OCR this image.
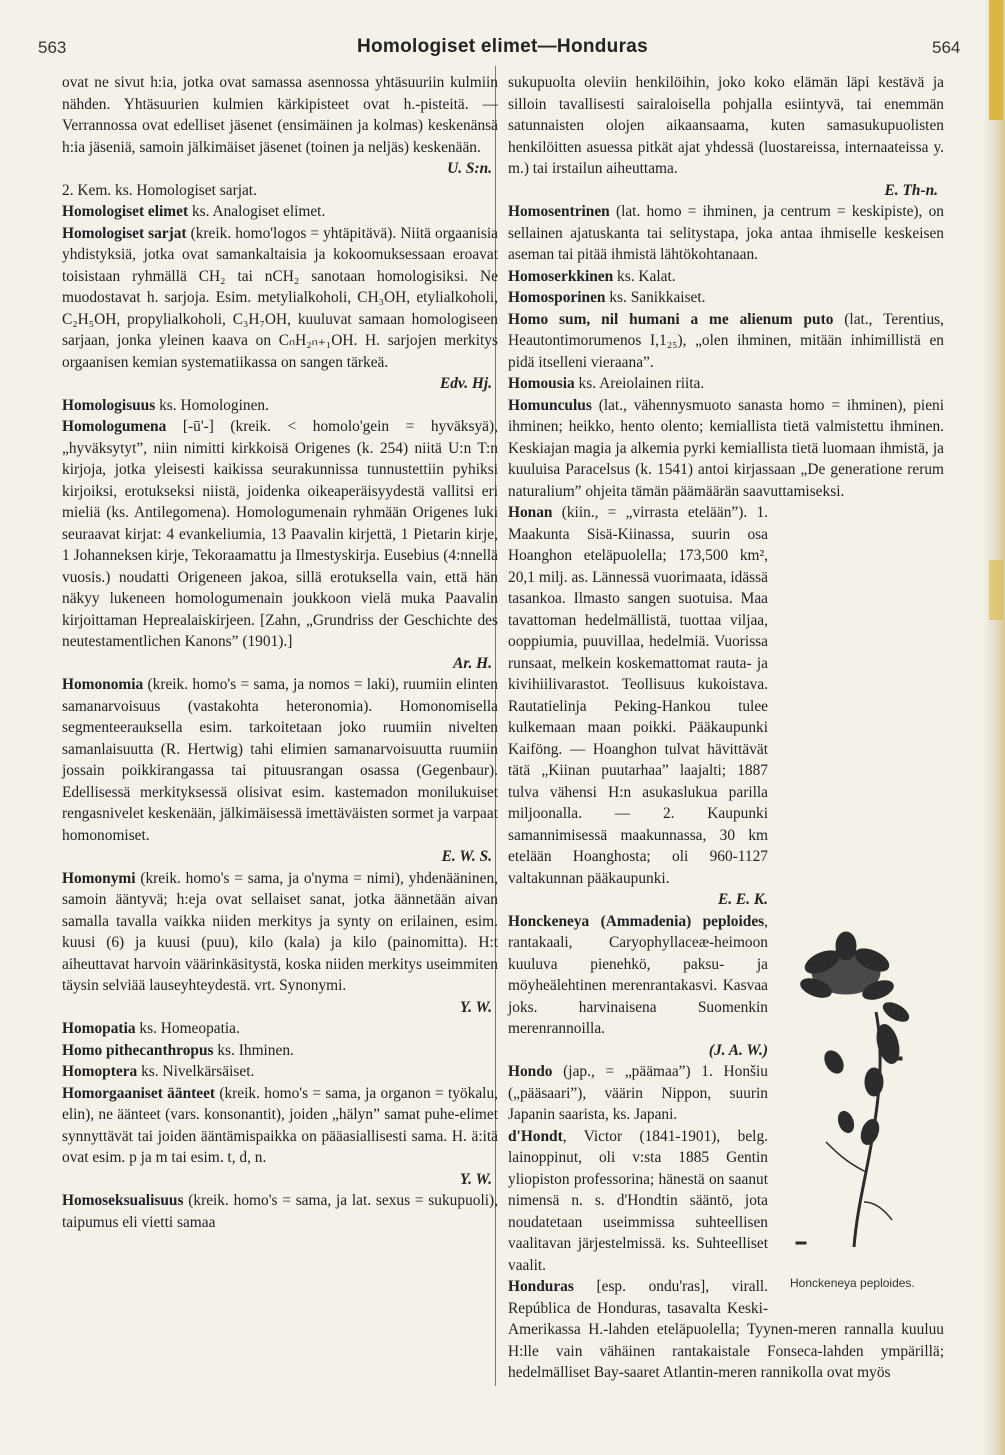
563	Homologiset elimet—Honduras	564

ovat ne sivut h:ia, jotka ovat samassa asennossa yhtäsuuriin kulmiin nähden. Yhtäsuurien kulmien kärkipisteet ovat h.-pisteitä. — Verrannossa ovat edelliset jäsenet (ensimäinen ja kolmas) keskenänsä h:ia jäseniä, samoin jälkimäiset jäsenet (toinen ja neljäs) keskenään.

U. S:n.

2. Kem. ks. Homologiset sarjat.

Homologiset elimet ks. Analogiset elimet.

Homologiset sarjat (kreik. homo'logos = yhtäpitävä). Niitä orgaanisia yhdistyksiä, jotka ovat samankaltaisia ja kokoomuksessaan eroavat toisistaan ryhmällä CH₂ tai nCH₂ sanotaan homologisiksi. Ne muodostavat h. sarjoja. Esim. metylialkoholi, CH₃OH, etylialkoholi, C₂H₅OH, propylialkoholi, C₃H₇OH, kuuluvat samaan homologiseen sarjaan, jonka yleinen kaava on CₙH₂ₙ₊₁OH. H. sarjojen merkitys orgaanisen kemian systematiikassa on sangen tärkeä.

Edv. Hj.

Homologisuus ks. Homologinen.

Homologumena [-ū'-] (kreik. < homolo'gein = hyväksyä), „hyväksytyt”, niin nimitti kirkkoisä Origenes (k. 254) niitä U:n T:n kirjoja, jotka yleisesti kaikissa seurakunnissa tunnustettiin pyhiksi kirjoiksi, erotukseksi niistä, joidenka oikeaperäisyydestä vallitsi eri mieliä (ks. Antilegomena). Homologumenain ryhmään Origenes luki seuraavat kirjat: 4 evankeliumia, 13 Paavalin kirjettä, 1 Pietarin kirje, 1 Johanneksen kirje, Tekoraamattu ja Ilmestyskirja. Eusebius (4:nnellä vuosis.) noudatti Origeneen jakoa, sillä erotuksella vain, että hän näkyy lukeneen homologumenain joukkoon vielä muka Paavalin kirjoittaman Heprealaiskirjeen. [Zahn, „Grundriss der Geschichte des neutestamentlichen Kanons” (1901).]

Ar. H.

Homonomia (kreik. homo's = sama, ja nomos = laki), ruumiin elinten samanarvoisuus (vastakohta heteronomia). Homonomisella segmenteerauksella esim. tarkoitetaan joko ruumiin nivelten samanlaisuutta (R. Hertwig) tahi elimien samanarvoisuutta ruumiin jossain poikkirangassa tai pituusrangan osassa (Gegenbaur). Edellisessä merkityksessä olisivat esim. kastemadon monilukuiset rengasnivelet keskenään, jälkimäisessä imettäväisten sormet ja varpaat homonomiset.

E. W. S.

Homonymi (kreik. homo's = sama, ja o'nyma = nimi), yhdenääninen, samoin ääntyvä; h:eja ovat sellaiset sanat, jotka äännetään aivan samalla tavalla vaikka niiden merkitys ja synty on erilainen, esim. kuusi (6) ja kuusi (puu), kilo (kala) ja kilo (painomitta). H:t aiheuttavat harvoin väärinkäsitystä, koska niiden merkitys useimmiten täysin selviää lauseyhteydestä. vrt. Synonymi.

Y. W.

Homopatia ks. Homeopatia.

Homo pithecanthropus ks. Ihminen.

Homoptera ks. Nivelkärsäiset.

Homorgaaniset äänteet (kreik. homo's = sama, ja organon = työkalu, elin), ne äänteet (vars. konsonantit), joiden „hälyn” samat puhe-elimet synnyttävät tai joiden ääntämispaikka on pääasiallisesti sama. H. ä:itä ovat esim. p ja m tai esim. t, d, n.

Y. W.

Homoseksualisuus (kreik. homo's = sama, ja lat. sexus = sukupuoli), taipumus eli vietti samaa

sukupuolta oleviin henkilöihin, joko koko elämän läpi kestävä ja silloin tavallisesti sairaloisella pohjalla esiintyvä, tai enemmän satunnaisten olojen aikaansaama, kuten samasukupuolisten henkilöitten asuessa pitkät ajat yhdessä (luostareissa, internaateissa y. m.) tai irstailun aiheuttama.

E. Th-n.

Homosentrinen (lat. homo = ihminen, ja centrum = keskipiste), on sellainen ajatuskanta tai selitystapa, joka antaa ihmiselle keskeisen aseman tai pitää ihmistä lähtökohtanaan.

Homoserkkinen ks. Kalat.

Homosporinen ks. Sanikkaiset.

Homo sum, nil humani a me alienum puto (lat., Terentius, Heautontimorumenos I,1₂₅), „olen ihminen, mitään inhimillistä en pidä itselleni vieraana”.

Homousia ks. Areiolainen riita.

Homunculus (lat., vähennysmuoto sanasta homo = ihminen), pieni ihminen; heikko, hento olento; kemiallista tietä valmistettu ihminen. Keskiajan magia ja alkemia pyrki kemiallista tietä luomaan ihmistä, ja kuuluisa Paracelsus (k. 1541) antoi kirjassaan „De generatione rerum naturalium” ohjeita tämän päämäärän saavuttamiseksi.

Honckeneya peploides.

Honan (kiin., = „virrasta etelään”). 1. Maakunta Sisä-Kiinassa, suurin osa Hoanghon eteläpuolella; 173,500 km², 20,1 milj. as. Lännessä vuorimaata, idässä tasankoa. Ilmasto sangen suotuisa. Maa tavattoman hedelmällistä, tuottaa viljaa, ooppiumia, puuvillaa, hedelmiä. Vuorissa runsaat, melkein koskemattomat rauta- ja kivihiilivarastot. Teollisuus kukoistava. Rautatielinja Peking-Hankou tulee kulkemaan maan poikki. Pääkaupunki Kaiföng. — Hoanghon tulvat hävittävät tätä „Kiinan puutarhaa” laajalti; 1887 tulva vähensi H:n asukaslukua parilla miljoonalla. — 2. Kaupunki samannimisessä maakunnassa, 30 km etelään Hoanghosta; oli 960-1127 valtakunnan pääkaupunki.

E. E. K.

Honckeneya (Ammadenia) peploides, rantakaali, Caryophyllaceæ-heimoon kuuluva pienehkö, paksu- ja möyheälehtinen merenrantakasvi. Kasvaa joks. harvinaisena Suomenkin merenrannoilla.

(J. A. W.)

Hondo (jap., = „päämaa”) 1. Honšiu („pääsaari”), väärin Nippon, suurin Japanin saarista, ks. Japani.

d'Hondt, Victor (1841-1901), belg. lainoppinut, oli v:sta 1885 Gentin yliopiston professorina; hänestä on saanut nimensä n. s. d'Hondtin sääntö, jota noudatetaan useimmissa suhteellisen vaalitavan järjestelmissä. ks. Suhteelliset vaalit.

Honduras [esp. ondu'ras], virall. República de Honduras, tasavalta Keski-Amerikassa H.-lahden eteläpuolella; Tyynen-meren rannalla kuuluu H:lle vain vähäinen rantakaistale Fonseca-lahden ympärillä; hedelmälliset Bay-saaret Atlantin-meren rannikolla ovat myös
